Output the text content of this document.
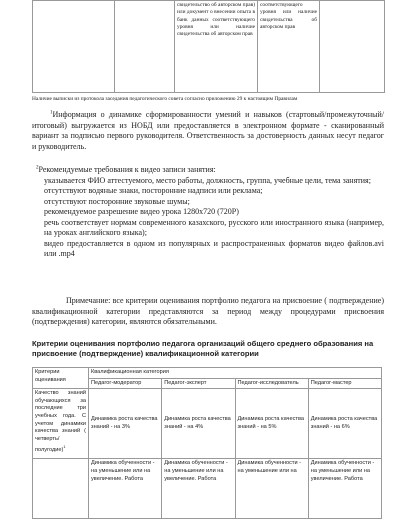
		свидетельство об авторском прав) или документ о внесении опыта в банк данных соответствующего уровня или наличие свидетельства об авторском прав	соответствующего уровня или наличие свидетельства об авторском прав	
Наличие выписки из протокола заседания педагогического совета согласно приложению 29 к настоящим Правилам

$^1$Информация о динамике сформированности умений и навыков (стартовый/промежуточный/итоговый) выгружается из НОБД или предоставляется в электронном формате - сканированный вариант за подписью первого руководителя. Ответственность за достоверность данных несут педагог и руководитель.

$^2$Рекомендуемые требования к видео записи занятия:
указывается ФИО аттестуемого, место работы, должность, группа, учебные цели, тема занятия;
отсутствуют водяные знаки, посторонние надписи или реклама;
отсутствуют посторонние звуковые шумы;
рекомендуемое разрешение видео урока 1280x720 (720P)
речь соответствует нормам современного казахского, русского или иностранного языка (например, на уроках английского языка);
видео предоставляется в одном из популярных и распространенных форматов видео файлов.avi или .mp4

Примечание: все критерии оценивания портфолио педагога на присвоение ( подтверждение) квалификационной категории представляются за период между процедурами присвоения (подтверждения) категории, являются обязательными.

Критерии оценивания портфолио педагога организаций общего среднего образования на присвоение (подтверждение) квалификационной категории
Критерии оценивания	Квалификационная категория			
	Педагог-модератор	Педагог-эксперт	Педагог-исследователь	Педагог-мастер
Качество знаний обучающихся за последние три учебных года. С учетом динамики качества знаний ( четверть/полугодие)$^1$	Динамика роста качества знаний - на 3%	Динамика роста качества знаний - на 4%	Динамика роста качества знаний - на 5%	Динамика роста качества знаний - на 6%
	Динамика обученности - на уменьшение или на увеличение. Работа	Динамика обученности - на уменьшение или на увеличение. Работа	Динамика обученности - на уменьшение или на	Динамика обученности - на уменьшение или на увеличение. Работа
